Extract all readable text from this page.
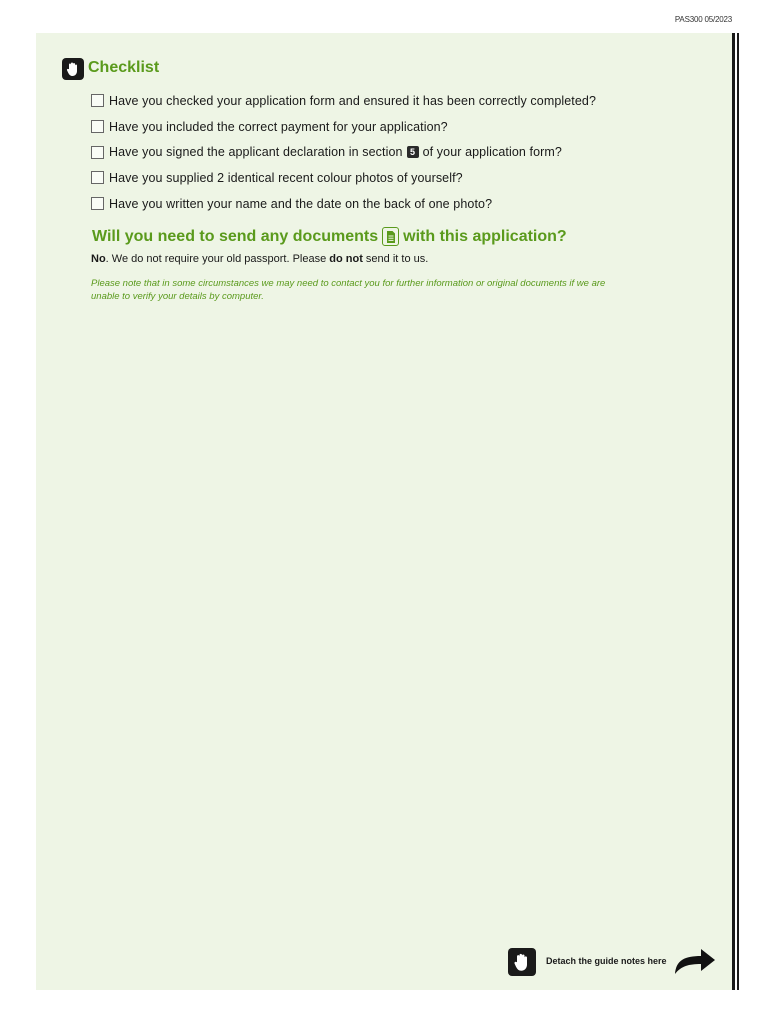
PAS300 05/2023
Checklist
Have you checked your application form and ensured it has been correctly completed?
Have you included the correct payment for your application?
Have you signed the applicant declaration in section 5 of your application form?
Have you supplied 2 identical recent colour photos of yourself?
Have you written your name and the date on the back of one photo?
Will you need to send any documents with this application?
No. We do not require your old passport. Please do not send it to us.
Please note that in some circumstances we may need to contact you for further information or original documents if we are unable to verify your details by computer.
Detach the guide notes here
